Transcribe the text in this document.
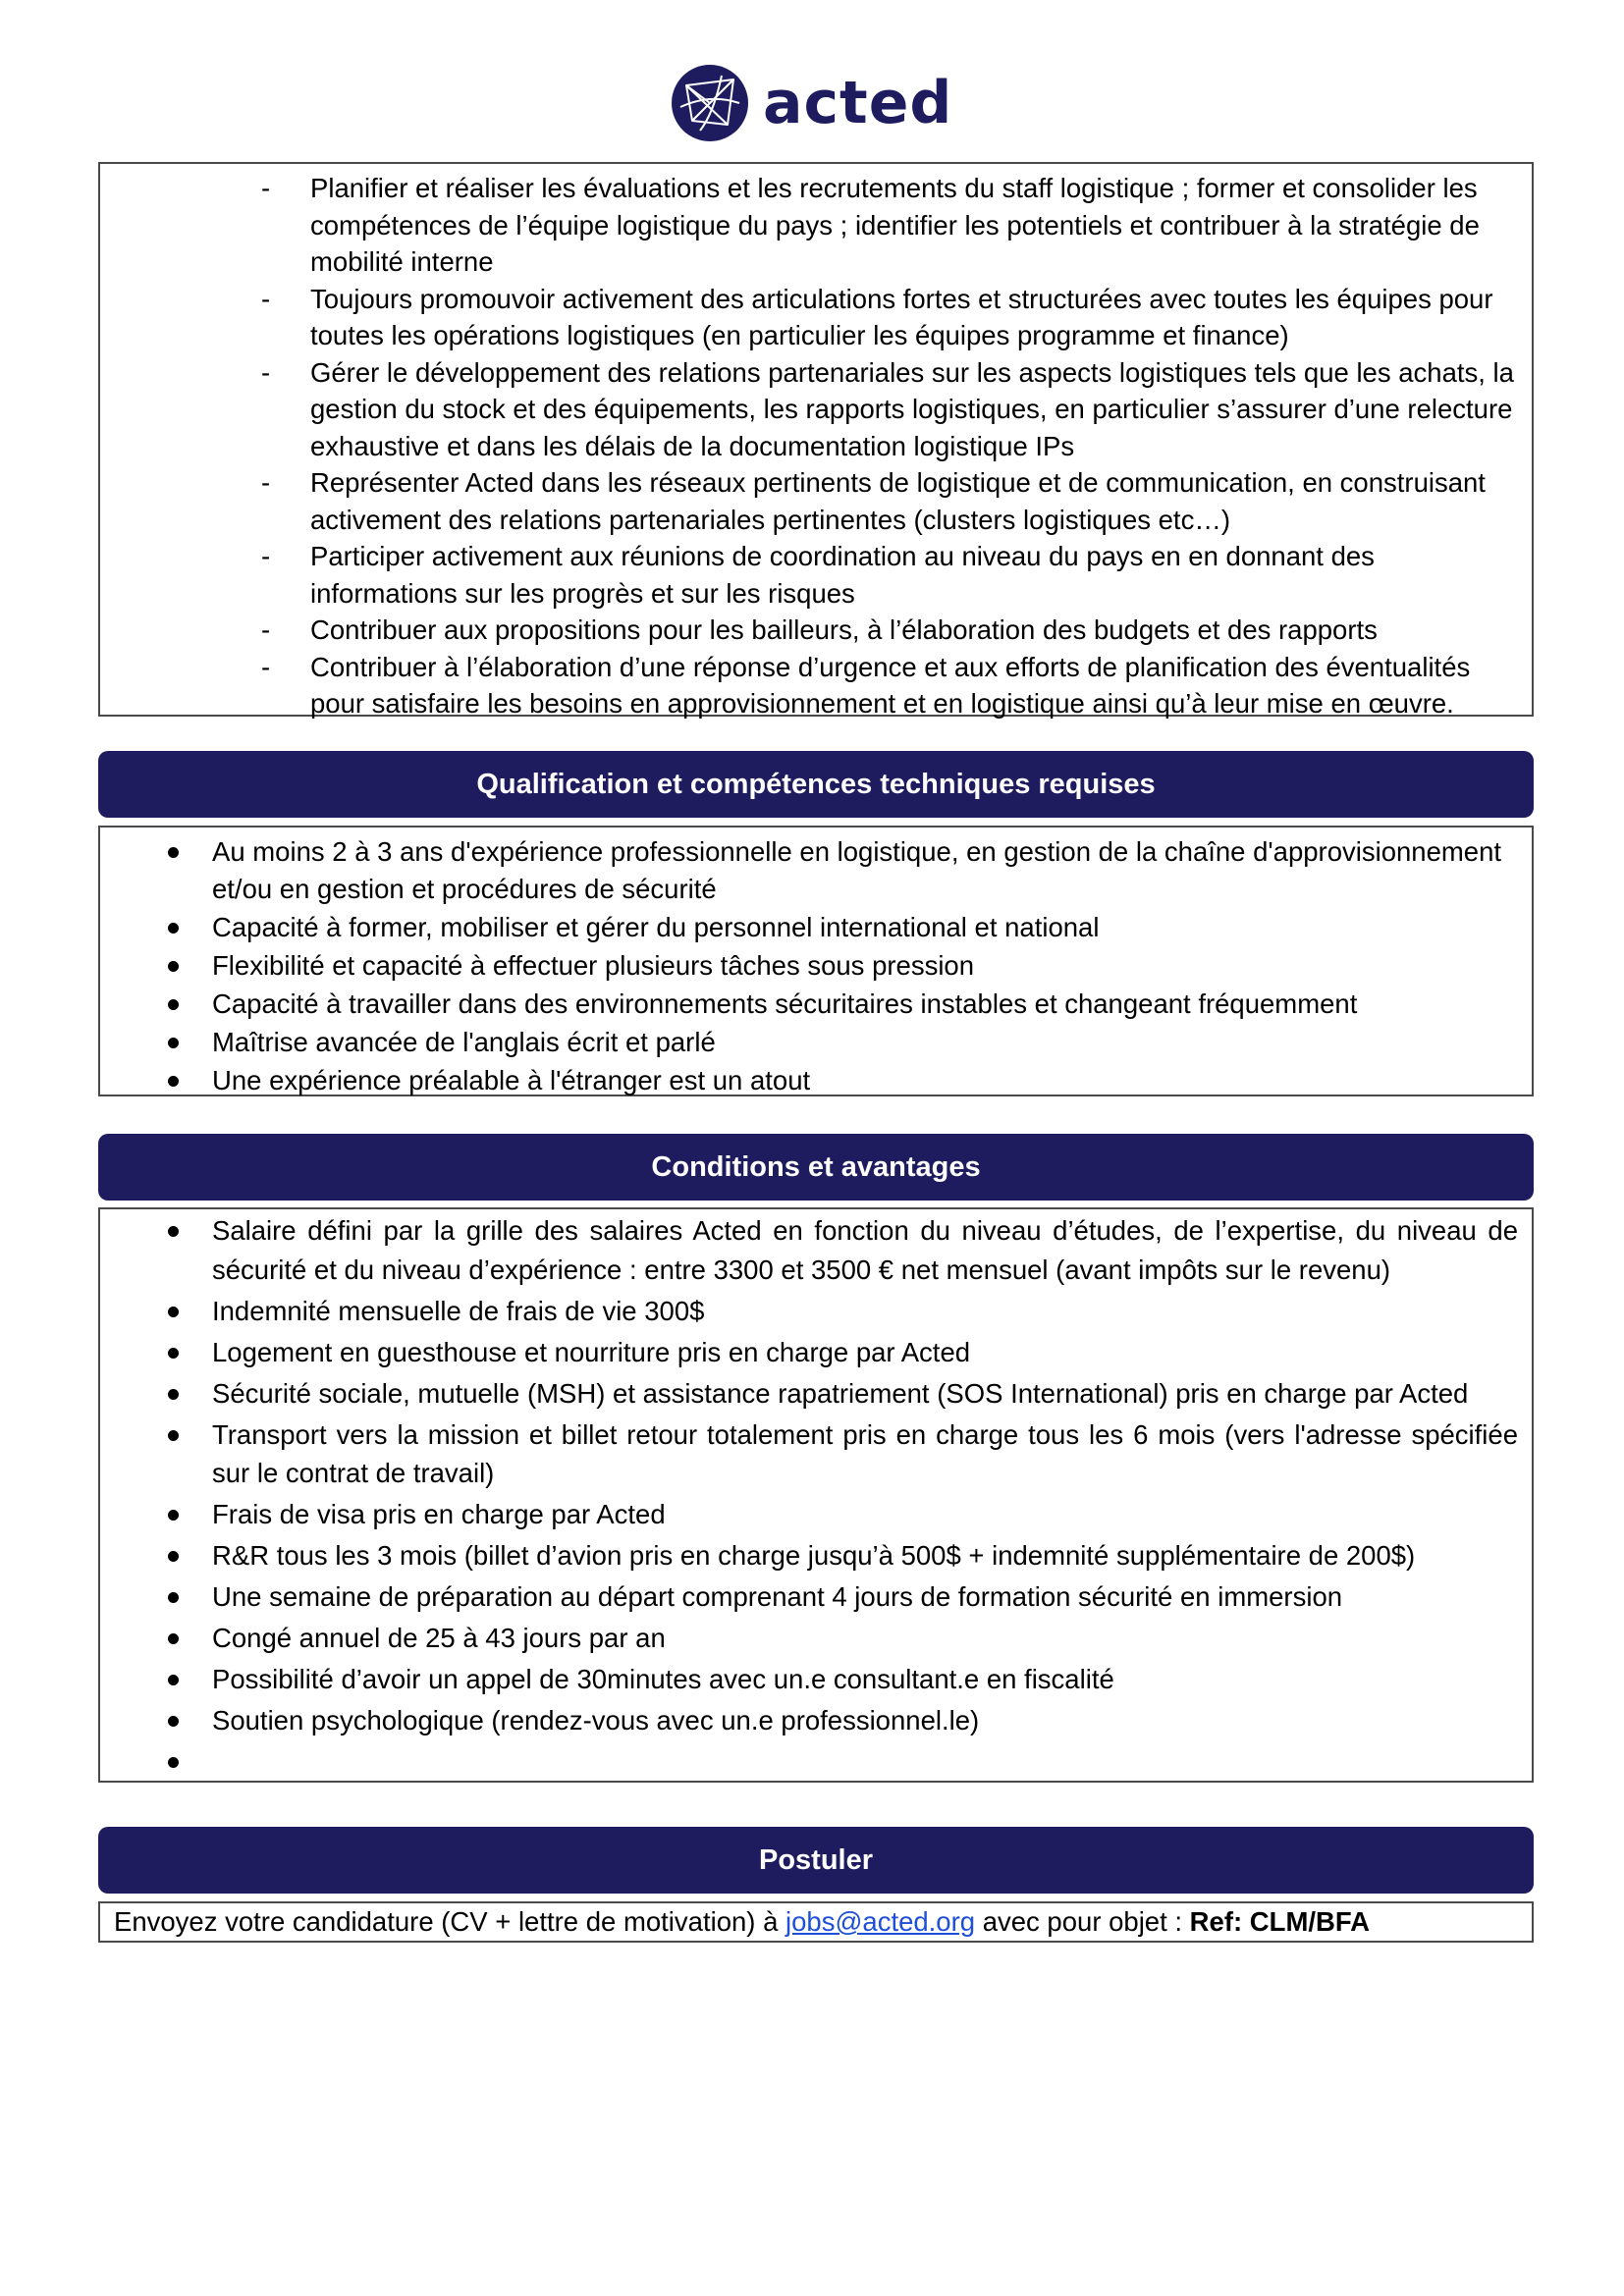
acted
- Planifier et réaliser les évaluations et les recrutements du staff logistique ; former et consolider les compétences de l’équipe logistique du pays ; identifier les potentiels et contribuer à la stratégie de mobilité interne
- Toujours promouvoir activement des articulations fortes et structurées avec toutes les équipes pour toutes les opérations logistiques (en particulier les équipes programme et finance)
- Gérer le développement des relations partenariales sur les aspects logistiques tels que les achats, la gestion du stock et des équipements, les rapports logistiques, en particulier s’assurer d’une relecture exhaustive et dans les délais de la documentation logistique IPs
- Représenter Acted dans les réseaux pertinents de logistique et de communication, en construisant activement des relations partenariales pertinentes (clusters logistiques etc…)
- Participer activement aux réunions de coordination au niveau du pays en en donnant des informations sur les progrès et sur les risques
- Contribuer aux propositions pour les bailleurs, à l’élaboration des budgets et des rapports
- Contribuer à l’élaboration d’une réponse d’urgence et aux efforts de planification des éventualités pour satisfaire les besoins en approvisionnement et en logistique ainsi qu’à leur mise en œuvre.
Qualification et compétences techniques requises
Au moins 2 à 3 ans d'expérience professionnelle en logistique, en gestion de la chaîne d'approvisionnement et/ou en gestion et procédures de sécurité
Capacité à former, mobiliser et gérer du personnel international et national
Flexibilité et capacité à effectuer plusieurs tâches sous pression
Capacité à travailler dans des environnements sécuritaires instables et changeant fréquemment
Maîtrise avancée de l'anglais écrit et parlé
Une expérience préalable à l'étranger est un atout
Conditions et avantages
Salaire défini par la grille des salaires Acted en fonction du niveau d’études, de l’expertise, du niveau de sécurité et du niveau d’expérience : entre 3300 et 3500 € net mensuel (avant impôts sur le revenu)
Indemnité mensuelle de frais de vie 300$
Logement en guesthouse et nourriture pris en charge par Acted
Sécurité sociale, mutuelle (MSH) et assistance rapatriement (SOS International) pris en charge par Acted
Transport vers la mission et billet retour totalement pris en charge tous les 6 mois (vers l'adresse spécifiée sur le contrat de travail)
Frais de visa pris en charge par Acted
R&R tous les 3 mois (billet d’avion pris en charge jusqu’à 500$ + indemnité supplémentaire de 200$)
Une semaine de préparation au départ comprenant 4 jours de formation sécurité en immersion
Congé annuel de 25 à 43 jours par an
Possibilité d’avoir un appel de 30minutes avec un.e consultant.e en fiscalité
Soutien psychologique (rendez-vous avec un.e professionnel.le)

Postuler
Envoyez votre candidature (CV + lettre de motivation) à jobs@acted.org avec pour objet : Ref: CLM/BFA
